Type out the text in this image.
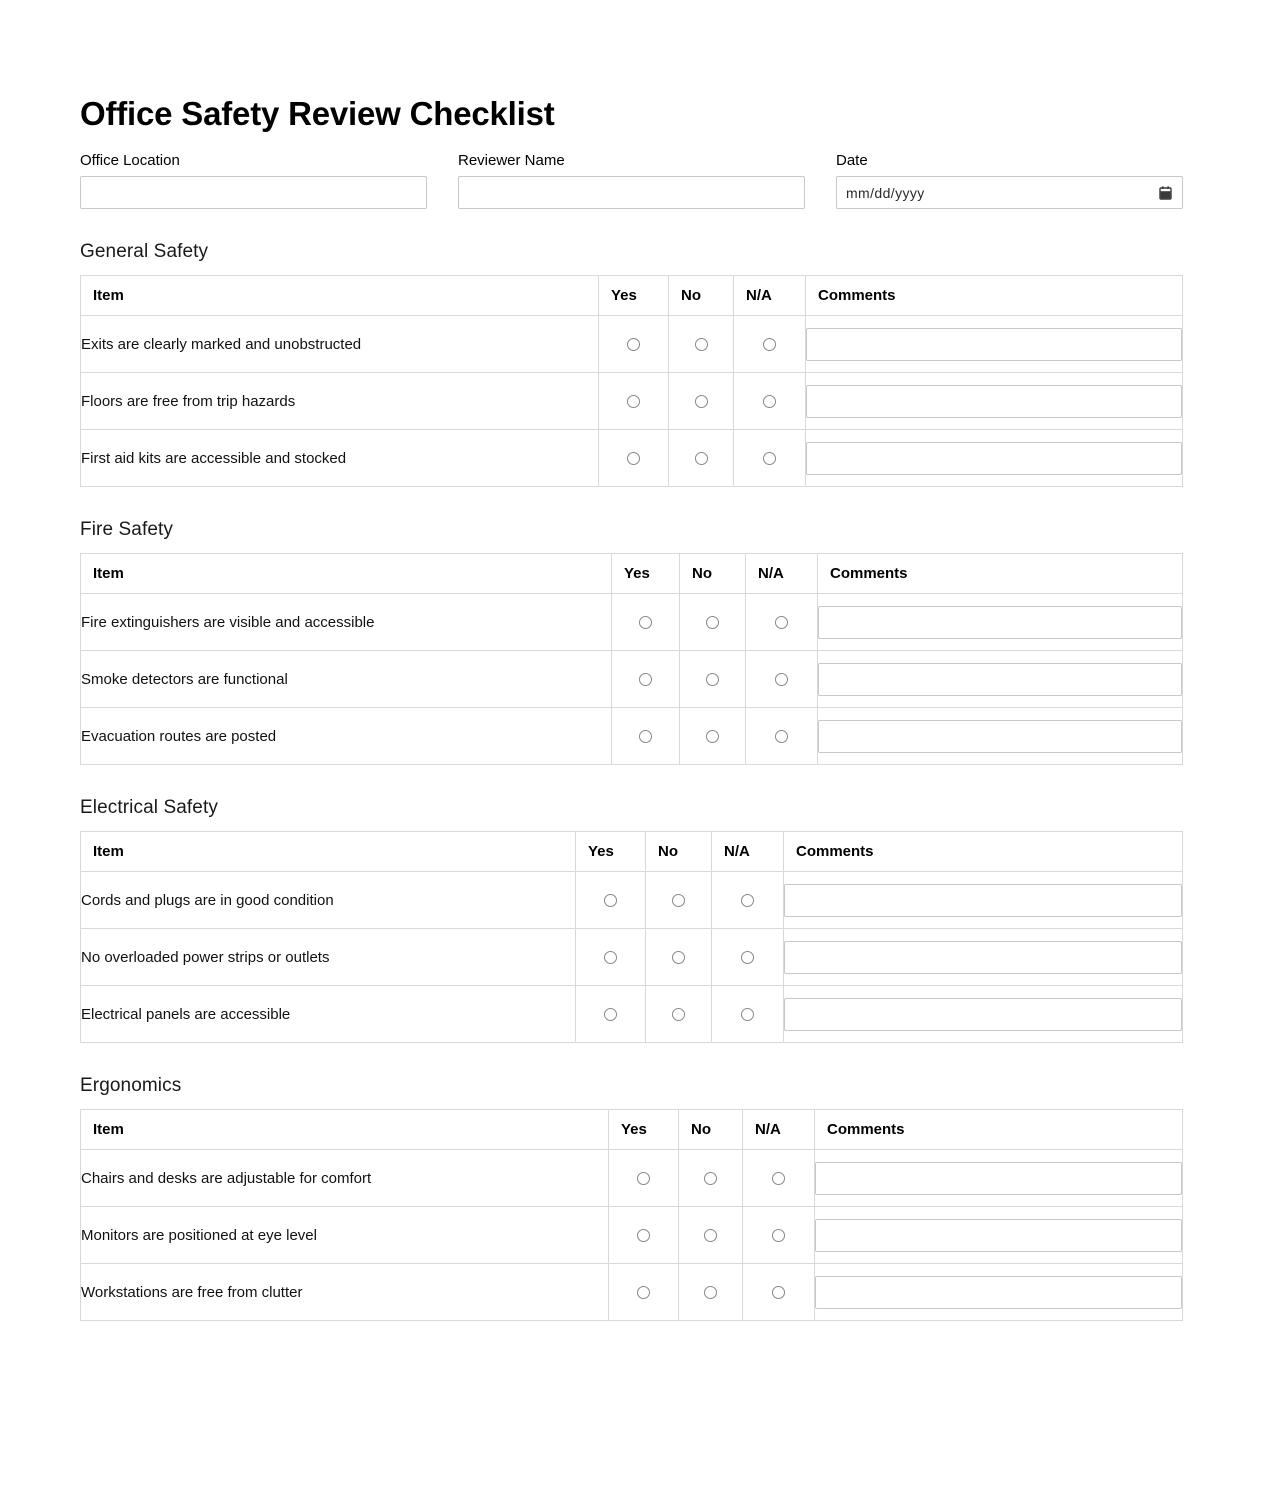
Office Safety Review Checklist
Office Location	Reviewer Name	Date
mm/dd/yyyy
General Safety
Item	Yes	No	N/A	Comments
Exits are clearly marked and unobstructed				

Floors are free from trip hazards				

First aid kits are accessible and stocked				
Fire Safety
Item	Yes	No	N/A	Comments
Fire extinguishers are visible and accessible				

Smoke detectors are functional				

Evacuation routes are posted				
Electrical Safety
Item	Yes	No	N/A	Comments
Cords and plugs are in good condition				

No overloaded power strips or outlets				

Electrical panels are accessible				
Ergonomics
Item	Yes	No	N/A	Comments
Chairs and desks are adjustable for comfort				

Monitors are positioned at eye level				

Workstations are free from clutter				
